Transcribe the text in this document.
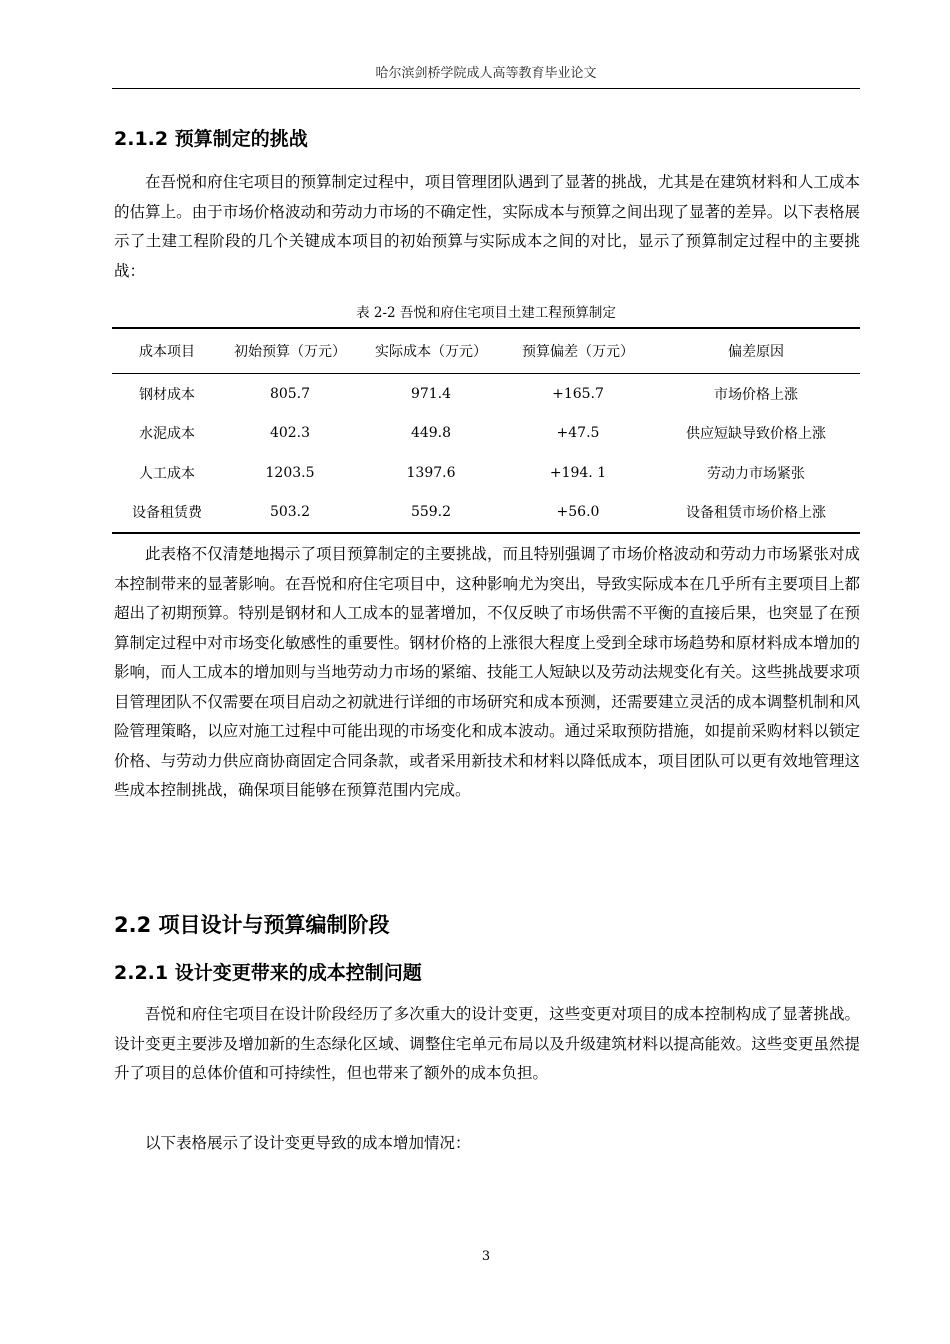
哈尔滨剑桥学院成人高等教育毕业论文
2.1.2 预算制定的挑战

在吾悦和府住宅项目的预算制定过程中，项目管理团队遇到了显著的挑战，尤其是在建筑材料和人工成本的估算上。由于市场价格波动和劳动力市场的不确定性，实际成本与预算之间出现了显著的差异。以下表格展示了土建工程阶段的几个关键成本项目的初始预算与实际成本之间的对比，显示了预算制定过程中的主要挑战：

表 2-2 吾悦和府住宅项目土建工程预算制定
成本项目	初始预算（万元）	实际成本（万元）	预算偏差（万元）	偏差原因
钢材成本	805.7	971.4	+165.7	市场价格上涨
水泥成本	402.3	449.8	+47.5	供应短缺导致价格上涨
人工成本	1203.5	1397.6	+194. 1	劳动力市场紧张
设备租赁费	503.2	559.2	+56.0	设备租赁市场价格上涨

此表格不仅清楚地揭示了项目预算制定的主要挑战，而且特别强调了市场价格波动和劳动力市场紧张对成本控制带来的显著影响。在吾悦和府住宅项目中，这种影响尤为突出，导致实际成本在几乎所有主要项目上都超出了初期预算。特别是钢材和人工成本的显著增加，不仅反映了市场供需不平衡的直接后果，也突显了在预算制定过程中对市场变化敏感性的重要性。钢材价格的上涨很大程度上受到全球市场趋势和原材料成本增加的影响，而人工成本的增加则与当地劳动力市场的紧缩、技能工人短缺以及劳动法规变化有关。这些挑战要求项目管理团队不仅需要在项目启动之初就进行详细的市场研究和成本预测，还需要建立灵活的成本调整机制和风险管理策略，以应对施工过程中可能出现的市场变化和成本波动。通过采取预防措施，如提前采购材料以锁定价格、与劳动力供应商协商固定合同条款，或者采用新技术和材料以降低成本，项目团队可以更有效地管理这些成本控制挑战，确保项目能够在预算范围内完成。

2.2 项目设计与预算编制阶段
2.2.1 设计变更带来的成本控制问题

吾悦和府住宅项目在设计阶段经历了多次重大的设计变更，这些变更对项目的成本控制构成了显著挑战。设计变更主要涉及增加新的生态绿化区域、调整住宅单元布局以及升级建筑材料以提高能效。这些变更虽然提升了项目的总体价值和可持续性，但也带来了额外的成本负担。

以下表格展示了设计变更导致的成本增加情况：

3
